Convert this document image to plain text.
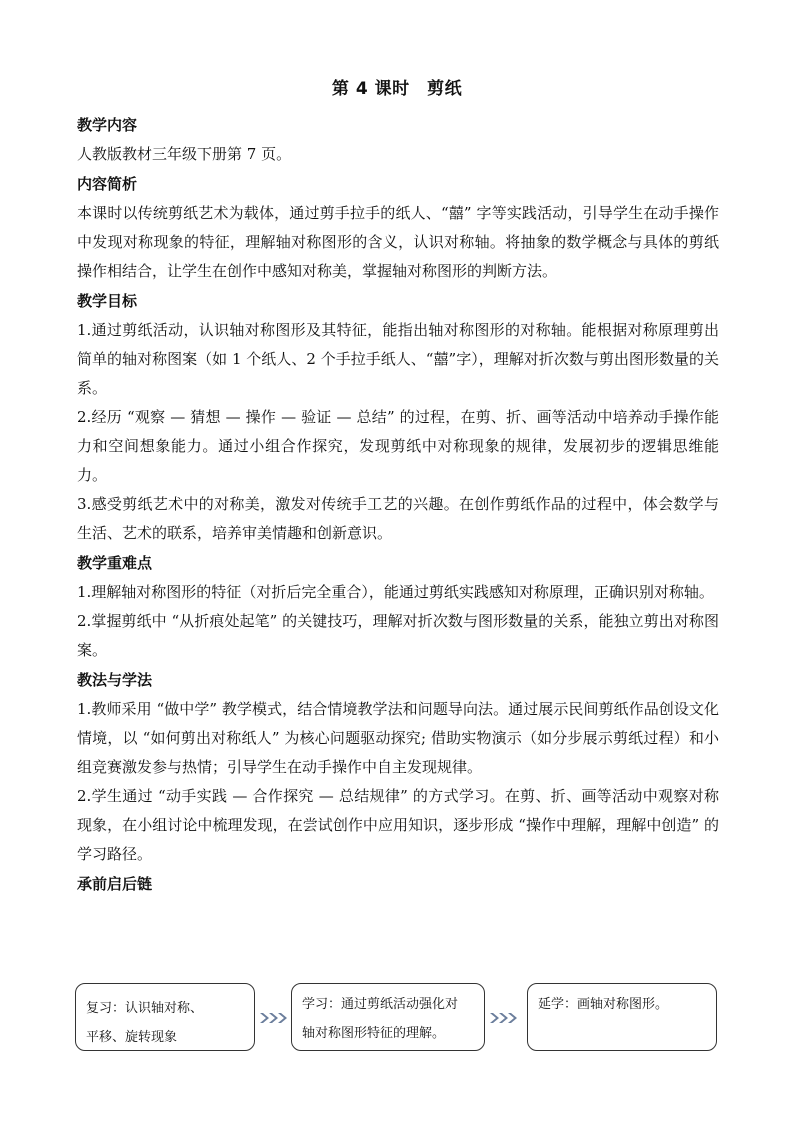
第 4 课时　剪纸
教学内容
人教版教材三年级下册第 7 页。
内容简析
本课时以传统剪纸艺术为载体，通过剪手拉手的纸人、“囍” 字等实践活动，引导学生在动手操作中发现对称现象的特征，理解轴对称图形的含义，认识对称轴。将抽象的数学概念与具体的剪纸操作相结合，让学生在创作中感知对称美，掌握轴对称图形的判断方法。
教学目标
1.通过剪纸活动，认识轴对称图形及其特征，能指出轴对称图形的对称轴。能根据对称原理剪出简单的轴对称图案（如 1 个纸人、2 个手拉手纸人、“囍”字），理解对折次数与剪出图形数量的关系。
2.经历 “观察 — 猜想 — 操作 — 验证 — 总结” 的过程，在剪、折、画等活动中培养动手操作能力和空间想象能力。通过小组合作探究，发现剪纸中对称现象的规律，发展初步的逻辑思维能力。
3.感受剪纸艺术中的对称美，激发对传统手工艺的兴趣。在创作剪纸作品的过程中，体会数学与生活、艺术的联系，培养审美情趣和创新意识。
教学重难点
1.理解轴对称图形的特征（对折后完全重合），能通过剪纸实践感知对称原理，正确识别对称轴。
2.掌握剪纸中 “从折痕处起笔” 的关键技巧，理解对折次数与图形数量的关系，能独立剪出对称图案。
教法与学法
1.教师采用 “做中学” 教学模式，结合情境教学法和问题导向法。通过展示民间剪纸作品创设文化情境，以 “如何剪出对称纸人” 为核心问题驱动探究; 借助实物演示（如分步展示剪纸过程）和小组竞赛激发参与热情；引导学生在动手操作中自主发现规律。
2.学生通过 “动手实践 — 合作探究 — 总结规律” 的方式学习。在剪、折、画等活动中观察对称现象，在小组讨论中梳理发现，在尝试创作中应用知识，逐步形成 “操作中理解，理解中创造” 的学习路径。
承前启后链
复习：认识轴对称、
平移、旋转现象
学习：通过剪纸活动强化对
轴对称图形特征的理解。
延学：画轴对称图形。
